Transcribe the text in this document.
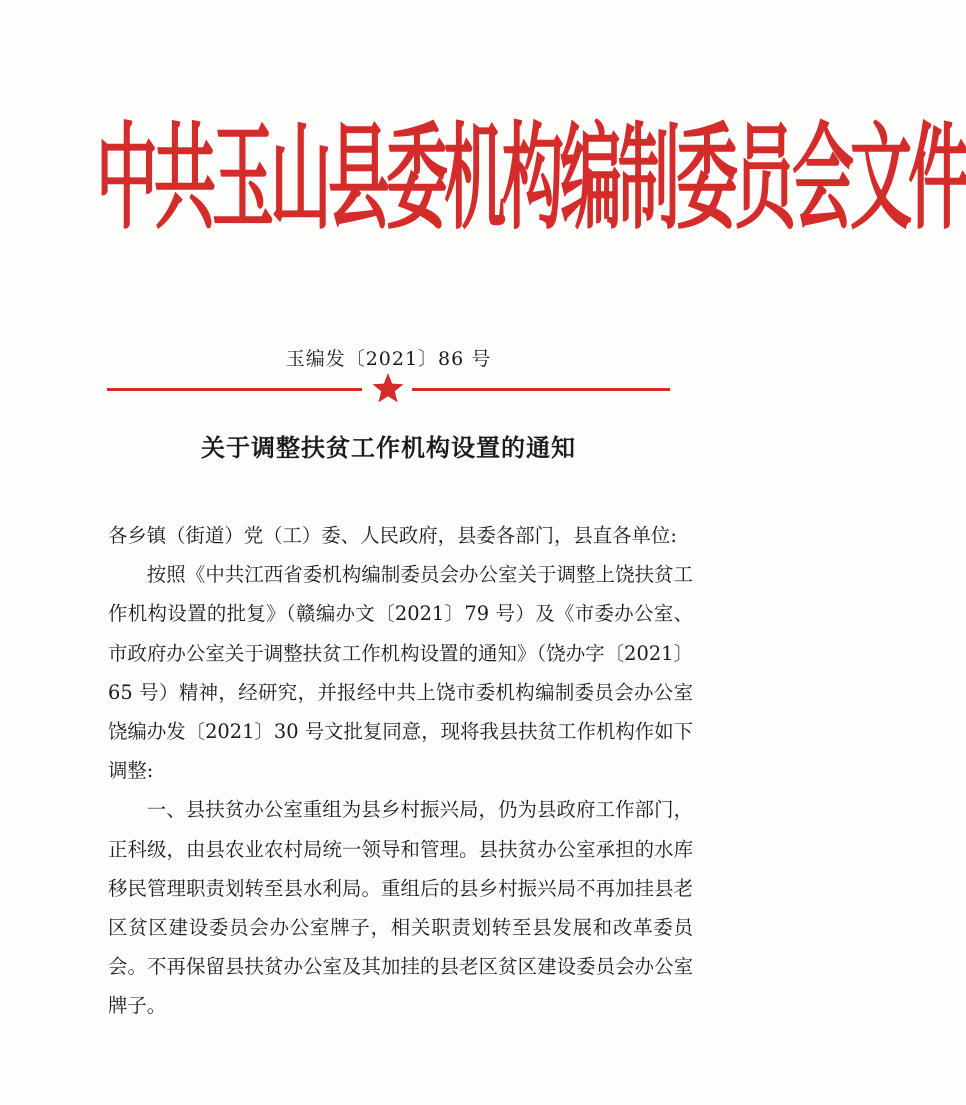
中共玉山县委机构编制委员会文件
玉编发〔2021〕86 号
关于调整扶贫工作机构设置的通知

各乡镇（街道）党（工）委、人民政府，县委各部门，县直各单位:

按照《中共江西省委机构编制委员会办公室关于调整上饶扶贫工作机构设置的批复》（赣编办文〔2021〕79 号）及《市委办公室、市政府办公室关于调整扶贫工作机构设置的通知》（饶办字〔2021〕65 号）精神，经研究，并报经中共上饶市委机构编制委员会办公室饶编办发〔2021〕30 号文批复同意，现将我县扶贫工作机构作如下调整:

一、县扶贫办公室重组为县乡村振兴局，仍为县政府工作部门，正科级，由县农业农村局统一领导和管理。县扶贫办公室承担的水库移民管理职责划转至县水利局。重组后的县乡村振兴局不再加挂县老区贫区建设委员会办公室牌子，相关职责划转至县发展和改革委员会。不再保留县扶贫办公室及其加挂的县老区贫区建设委员会办公室牌子。
